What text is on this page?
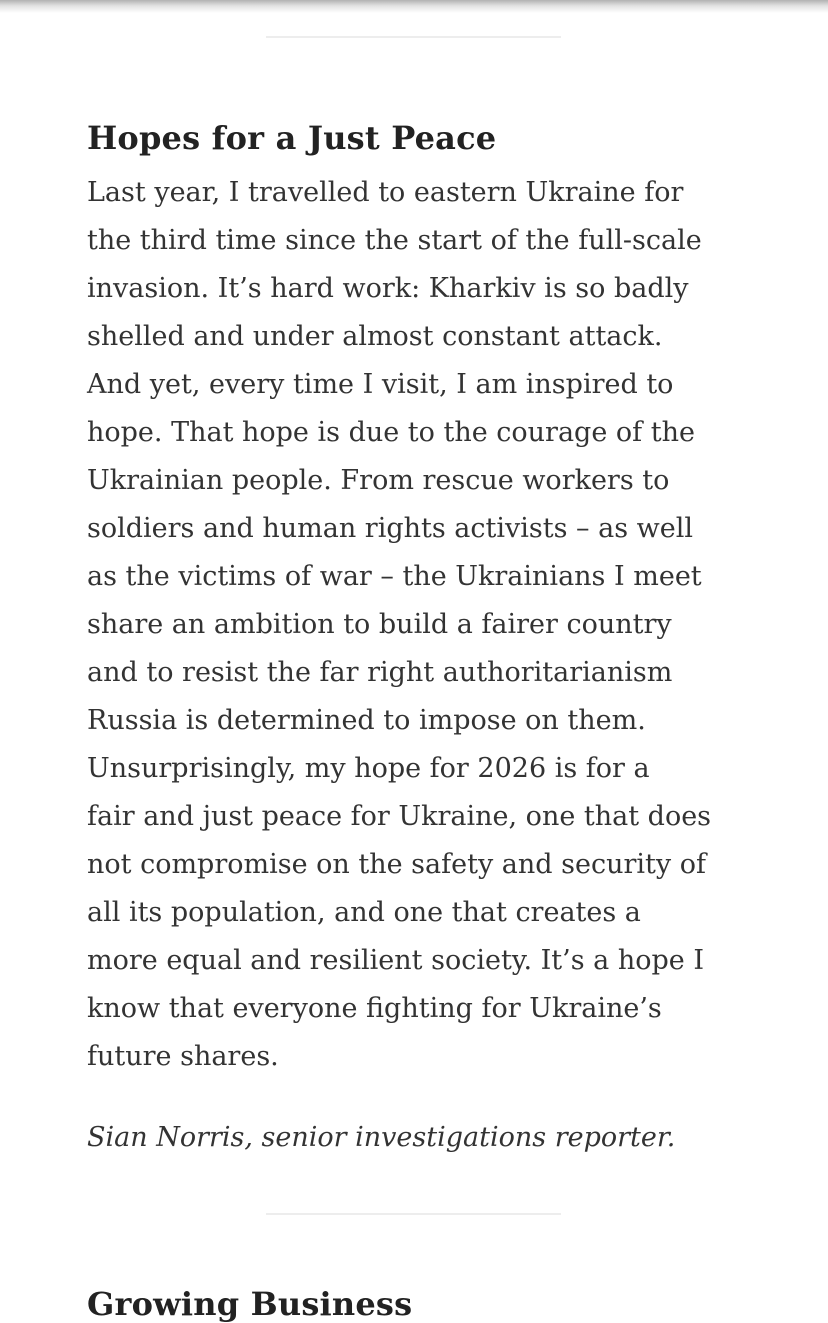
Hopes for a Just Peace
Last year, I travelled to eastern Ukraine for
the third time since the start of the full-scale
invasion. It’s hard work: Kharkiv is so badly
shelled and under almost constant attack.
And yet, every time I visit, I am inspired to
hope. That hope is due to the courage of the
Ukrainian people. From rescue workers to
soldiers and human rights activists – as well
as the victims of war – the Ukrainians I meet
share an ambition to build a fairer country
and to resist the far right authoritarianism
Russia is determined to impose on them.
Unsurprisingly, my hope for 2026 is for a
fair and just peace for Ukraine, one that does
not compromise on the safety and security of
all its population, and one that creates a
more equal and resilient society. It’s a hope I
know that everyone fighting for Ukraine’s
future shares.
Sian Norris, senior investigations reporter.
Growing Business
